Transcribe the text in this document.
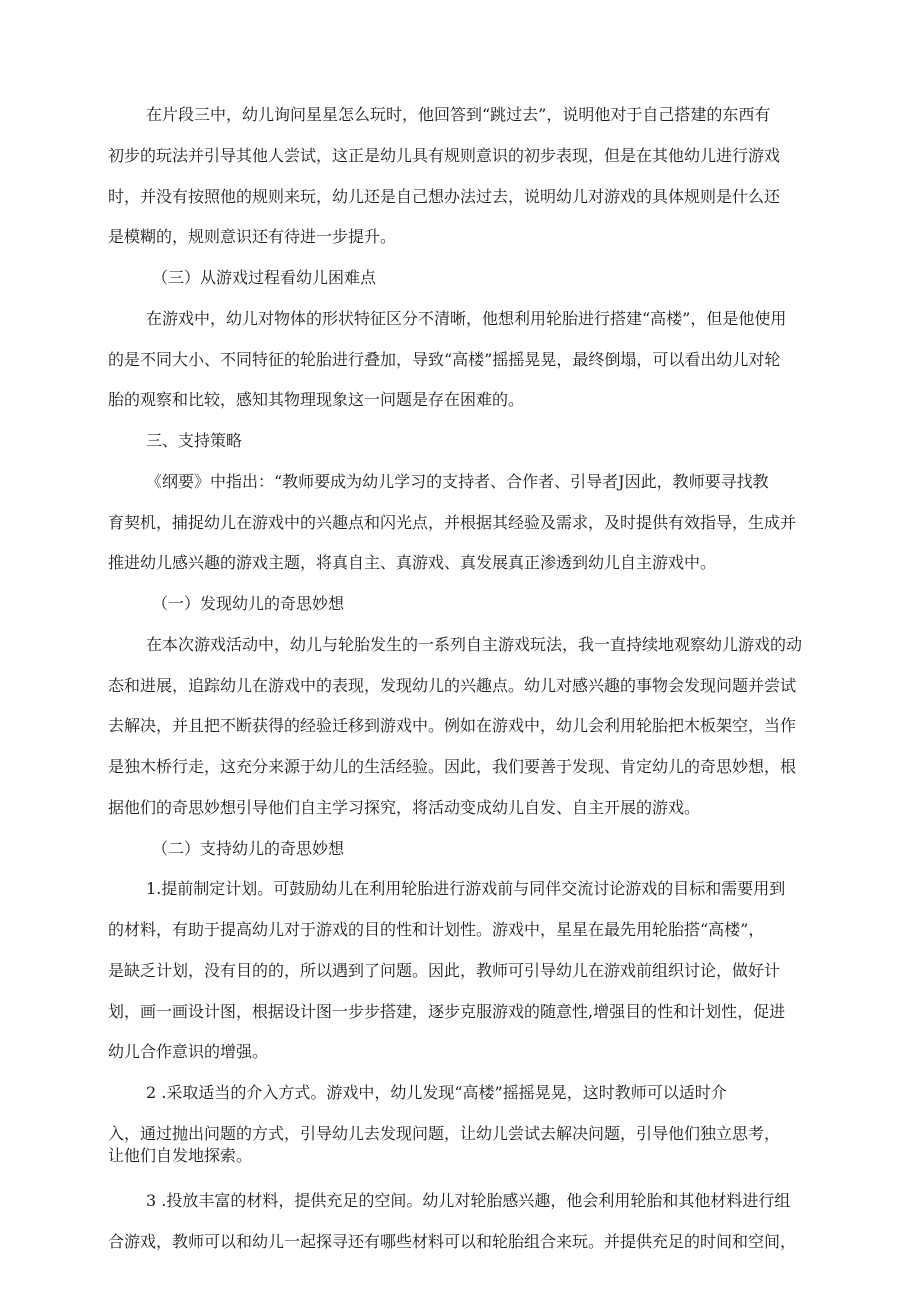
在片段三中，幼儿询问星星怎么玩时，他回答到“跳过去”，说明他对于自己搭建的东西有
初步的玩法并引导其他人尝试，这正是幼儿具有规则意识的初步表现，但是在其他幼儿进行游戏
时，并没有按照他的规则来玩，幼儿还是自己想办法过去，说明幼儿对游戏的具体规则是什么还
是模糊的，规则意识还有待进一步提升。
（三）从游戏过程看幼儿困难点
在游戏中，幼儿对物体的形状特征区分不清晰，他想利用轮胎进行搭建“高楼”，但是他使用
的是不同大小、不同特征的轮胎进行叠加，导致“高楼”摇摇晃晃，最终倒塌，可以看出幼儿对轮
胎的观察和比较，感知其物理现象这一问题是存在困难的。
三、支持策略
《纲要》中指出：“教师要成为幼儿学习的支持者、合作者、引导者J因此，教师要寻找教
育契机，捕捉幼儿在游戏中的兴趣点和闪光点，并根据其经验及需求，及时提供有效指导，生成并
推进幼儿感兴趣的游戏主题，将真自主、真游戏、真发展真正渗透到幼儿自主游戏中。
（一）发现幼儿的奇思妙想
在本次游戏活动中，幼儿与轮胎发生的一系列自主游戏玩法，我一直持续地观察幼儿游戏的动
态和进展，追踪幼儿在游戏中的表现，发现幼儿的兴趣点。幼儿对感兴趣的事物会发现问题并尝试
去解决，并且把不断获得的经验迁移到游戏中。例如在游戏中，幼儿会利用轮胎把木板架空，当作
是独木桥行走，这充分来源于幼儿的生活经验。因此，我们要善于发现、肯定幼儿的奇思妙想，根
据他们的奇思妙想引导他们自主学习探究，将活动变成幼儿自发、自主开展的游戏。
（二）支持幼儿的奇思妙想
1.提前制定计划。可鼓励幼儿在利用轮胎进行游戏前与同伴交流讨论游戏的目标和需要用到
的材料，有助于提高幼儿对于游戏的目的性和计划性。游戏中，星星在最先用轮胎搭“高楼”，
是缺乏计划，没有目的的，所以遇到了问题。因此，教师可引导幼儿在游戏前组织讨论，做好计
划，画一画设计图，根据设计图一步步搭建，逐步克服游戏的随意性,增强目的性和计划性，促进
幼儿合作意识的增强。
2 .采取适当的介入方式。游戏中，幼儿发现“高楼”摇摇晃晃，这时教师可以适时介
入，通过抛出问题的方式，引导幼儿去发现问题，让幼儿尝试去解决问题，引导他们独立思考，
让他们自发地探索。
3 .投放丰富的材料，提供充足的空间。幼儿对轮胎感兴趣，他会利用轮胎和其他材料进行组
合游戏，教师可以和幼儿一起探寻还有哪些材料可以和轮胎组合来玩。并提供充足的时间和空间，
